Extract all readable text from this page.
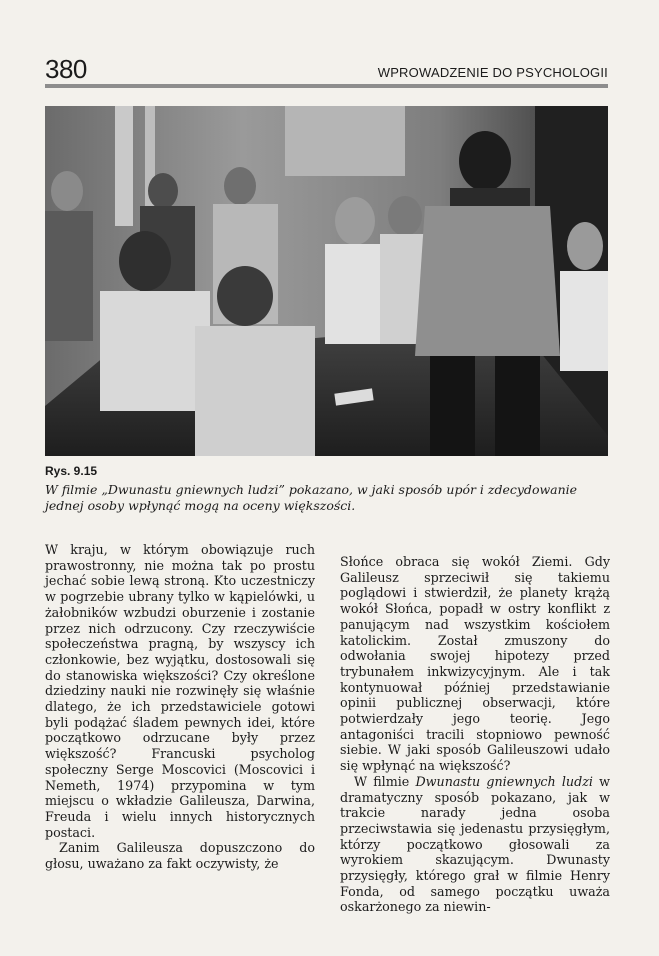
380	WPROWADZENIE DO PSYCHOLOGII
Rys. 9.15
W filmie „Dwunastu gniewnych ludzi” pokazano, w jaki sposób upór i zdecydowanie jednej osoby wpłynąć mogą na oceny większości.

W kraju, w którym obowiązuje ruch prawostronny, nie można tak po prostu jechać sobie lewą stroną. Kto uczestniczy w pogrzebie ubrany tylko w kąpielówki, u żałobników wzbudzi oburzenie i zostanie przez nich odrzucony. Czy rzeczywiście społeczeństwa pragną, by wszyscy ich członkowie, bez wyjątku, dostosowali się do stanowiska większości? Czy określone dziedziny nauki nie rozwinęły się właśnie dlatego, że ich przedstawiciele gotowi byli podążać śladem pewnych idei, które początkowo odrzucane były przez większość? Francuski psycholog społeczny Serge Moscovici (Moscovici i Nemeth, 1974) przypomina w tym miejscu o wkładzie Galileusza, Darwina, Freuda i wielu innych historycznych postaci.

Zanim Galileusza dopuszczono do głosu, uważano za fakt oczywisty, że

Słońce obraca się wokół Ziemi. Gdy Galileusz sprzeciwił się takiemu poglądowi i stwierdził, że planety krążą wokół Słońca, popadł w ostry konflikt z panującym nad wszystkim kościołem katolickim. Został zmuszony do odwołania swojej hipotezy przed trybunałem inkwizycyjnym. Ale i tak kontynuował później przedstawianie opinii publicznej obserwacji, które potwierdzały jego teorię. Jego antagoniści tracili stopniowo pewność siebie. W jaki sposób Galileuszowi udało się wpłynąć na większość?

W filmie Dwunastu gniewnych ludzi w dramatyczny sposób pokazano, jak w trakcie narady jedna osoba przeciwstawia się jedenastu przysięgłym, którzy początkowo głosowali za wyrokiem skazującym. Dwunasty przysięgły, którego grał w filmie Henry Fonda, od samego początku uważa oskarżonego za niewin-
